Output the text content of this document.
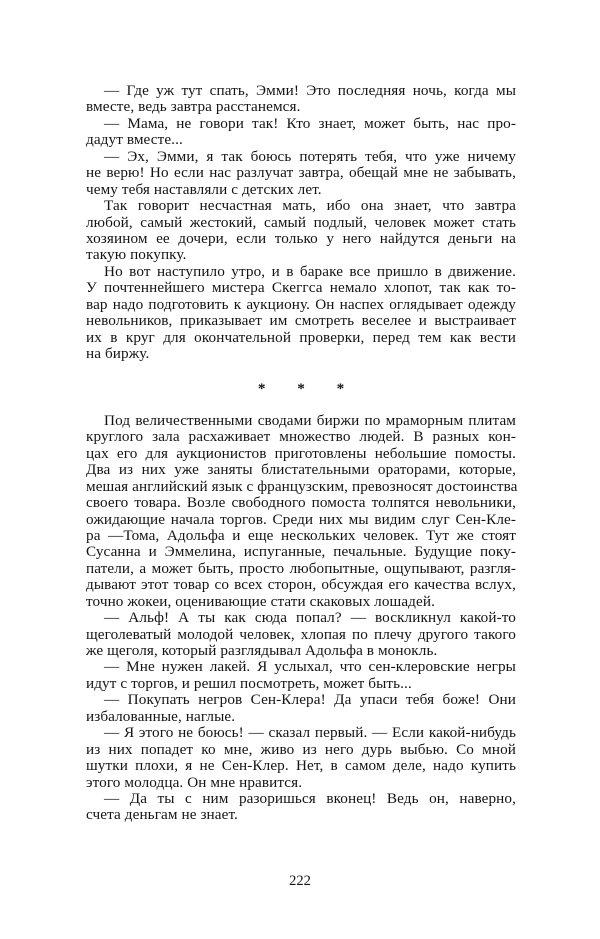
— Где уж тут спать, Эмми! Это последняя ночь, когда мы
вместе, ведь завтра расстанемся.
— Мама, не говори так! Кто знает, может быть, нас про-
дадут вместе...
— Эх, Эмми, я так боюсь потерять тебя, что уже ничему
не верю! Но если нас разлучат завтра, обещай мне не забывать,
чему тебя наставляли с детских лет.
Так говорит несчастная мать, ибо она знает, что завтра
любой, самый жестокий, самый подлый, человек может стать
хозяином ее дочери, если только у него найдутся деньги на
такую покупку.
Но вот наступило утро, и в бараке все пришло в движение.
У почтеннейшего мистера Скеггса немало хлопот, так как то-
вар надо подготовить к аукциону. Он наспех оглядывает одежду
невольников, приказывает им смотреть веселее и выстраивает
их в круг для окончательной проверки, перед тем как вести
на биржу.
* * *
Под величественными сводами биржи по мраморным плитам
круглого зала расхаживает множество людей. В разных кон-
цах его для аукционистов приготовлены небольшие помосты.
Два из них уже заняты блистательными ораторами, которые,
мешая английский язык с французским, превозносят достоинства
своего товара. Возле свободного помоста толпятся невольники,
ожидающие начала торгов. Среди них мы видим слуг Сен-Кле-
ра —Тома, Адольфа и еще нескольких человек. Тут же стоят
Сусанна и Эммелина, испуганные, печальные. Будущие поку-
патели, а может быть, просто любопытные, ощупывают, разгля-
дывают этот товар со всех сторон, обсуждая его качества вслух,
точно жокеи, оценивающие стати скаковых лошадей.
— Альф! А ты как сюда попал? — воскликнул какой-то
щеголеватый молодой человек, хлопая по плечу другого такого
же щеголя, который разглядывал Адольфа в монокль.
— Мне нужен лакей. Я услыхал, что сен-клеровские негры
идут с торгов, и решил посмотреть, может быть...
— Покупать негров Сен-Клера! Да упаси тебя боже! Они
избалованные, наглые.
— Я этого не боюсь! — сказал первый. — Если какой-нибудь
из них попадет ко мне, живо из него дурь выбью. Со мной
шутки плохи, я не Сен-Клер. Нет, в самом деле, надо купить
этого молодца. Он мне нравится.
— Да ты с ним разоришься вконец! Ведь он, наверно,
счета деньгам не знает.
222
